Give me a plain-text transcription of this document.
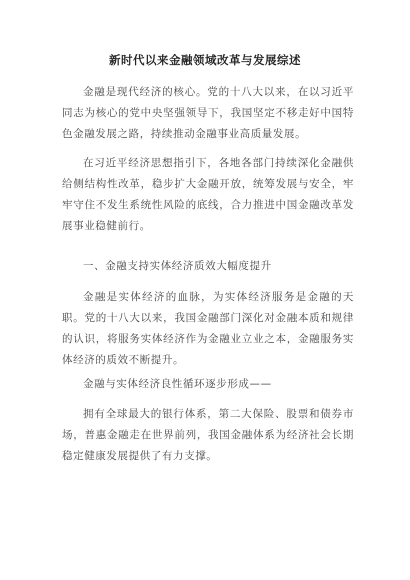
新时代以来金融领域改革与发展综述

金融是现代经济的核心。党的十八大以来，在以习近平同志为核心的党中央坚强领导下，我国坚定不移走好中国特色金融发展之路，持续推动金融事业高质量发展。

在习近平经济思想指引下，各地各部门持续深化金融供给侧结构性改革，稳步扩大金融开放，统筹发展与安全，牢牢守住不发生系统性风险的底线，合力推进中国金融改革发展事业稳健前行。

一、金融支持实体经济质效大幅度提升

金融是实体经济的血脉，为实体经济服务是金融的天职。党的十八大以来，我国金融部门深化对金融本质和规律的认识，将服务实体经济作为金融业立业之本，金融服务实体经济的质效不断提升。

金融与实体经济良性循环逐步形成——

拥有全球最大的银行体系，第二大保险、股票和债券市场，普惠金融走在世界前列，我国金融体系为经济社会长期稳定健康发展提供了有力支撑。
